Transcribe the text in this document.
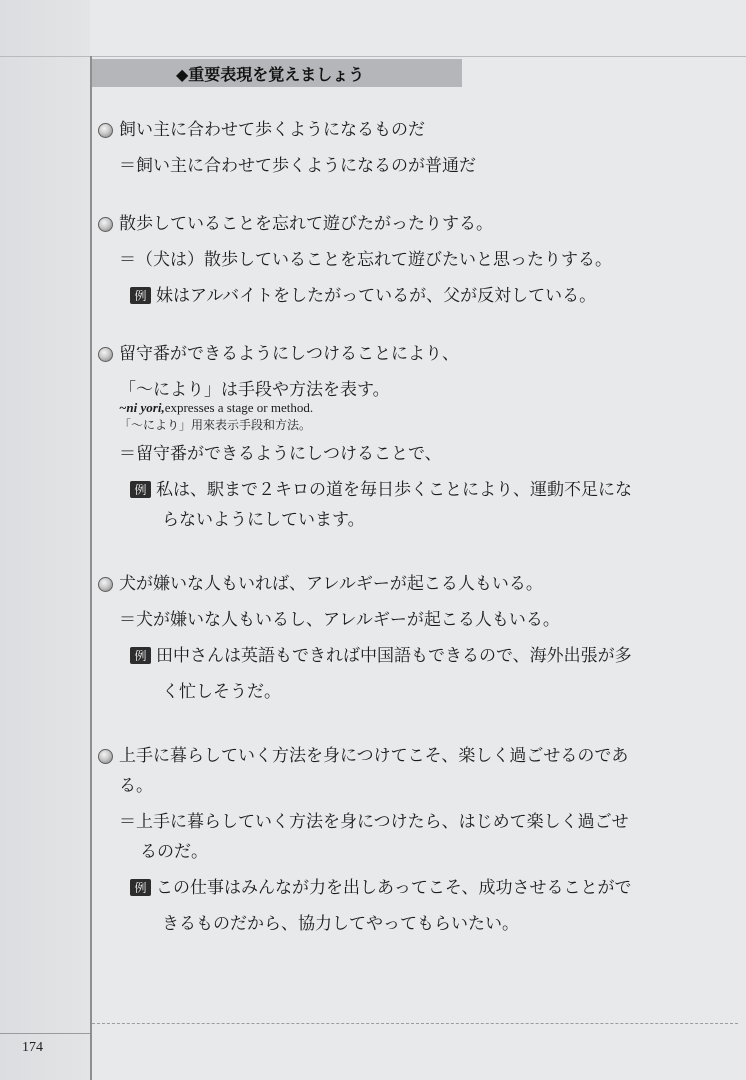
◆重要表現を覚えましょう
飼い主に合わせて歩くようになるものだ
＝飼い主に合わせて歩くようになるのが普通だ
散歩していることを忘れて遊びたがったりする。
＝（犬は）散歩していることを忘れて遊びたいと思ったりする。
例 妹はアルバイトをしたがっているが、父が反対している。
留守番ができるようにしつけることにより、
「～により」は手段や方法を表す。
~ni yori, expresses a stage or method.
「～により」用來表示手段和方法。
＝留守番ができるようにしつけることで、
例 私は、駅まで２キロの道を毎日歩くことにより、運動不足にな
らないようにしています。
犬が嫌いな人もいれば、アレルギーが起こる人もいる。
＝犬が嫌いな人もいるし、アレルギーが起こる人もいる。
例 田中さんは英語もできれば中国語もできるので、海外出張が多
く忙しそうだ。
上手に暮らしていく方法を身につけてこそ、楽しく過ごせるのであ
る。
＝上手に暮らしていく方法を身につけたら、はじめて楽しく過ごせ
るのだ。
例 この仕事はみんなが力を出しあってこそ、成功させることがで
きるものだから、協力してやってもらいたい。
174
